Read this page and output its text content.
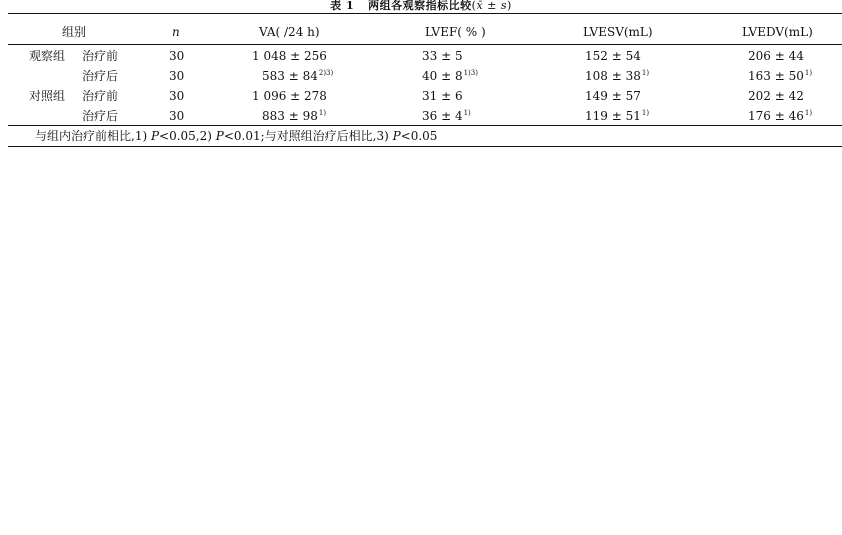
表 1 两组各观察指标比较(x̄ ± s)
组别	n	VA( /24 h)	LVEF( % )	LVESV(mL)	LVEDV(mL)
观察组 治疗前	30	1 048 ± 256	33 ± 5	152 ± 54	206 ± 44
治疗后	30	$583 \pm 84^{2)3)}$	$40 \pm 8^{1)3)}$	$108 \pm 38^{1)}$	$163 \pm 50^{1)}$
对照组 治疗前	30	1 096 ± 278	31 ± 6	149 ± 57	202 ± 42
治疗后	30	$883 \pm 98^{1)}$	$36 \pm 4^{1)}$	$119 \pm 51^{1)}$	$176 \pm 46^{1)}$
与组内治疗前相比,1) P<0.05,2) P<0.01;与对照组治疗后相比,3) P<0.05
